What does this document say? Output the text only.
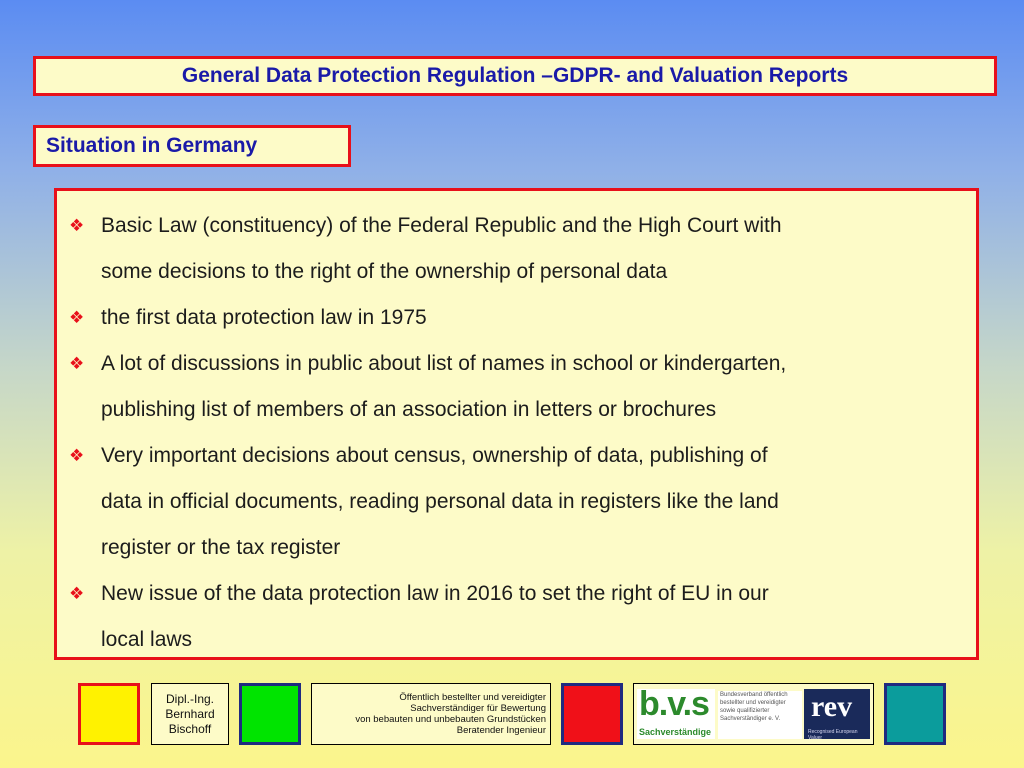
General Data Protection Regulation –GDPR- and Valuation Reports
Situation in Germany
❖ Basic Law (constituency) of the Federal Republic and the High Court with
some decisions to the right of the ownership of personal data
❖ the first data protection law in 1975
❖ A lot of discussions in public about list of names in school or kindergarten,
publishing list of members of an association in letters or brochures
❖ Very important decisions about census, ownership of data, publishing of
data in official documents, reading personal data in registers like the land
register or the tax register
❖ New issue of the data protection law in 2016 to set the right of EU in our
local laws
Dipl.-Ing.
Bernhard
Bischoff
Öffentlich bestellter und vereidigter
Sachverständiger für Bewertung
von bebauten und unbebauten Grundstücken
Beratender Ingenieur
b.v.s
Sachverständige
Bundesverband öffentlich
bestellter und vereidigter
sowie qualifizierter
Sachverständiger e. V.	rev
Recognised European Valuer
